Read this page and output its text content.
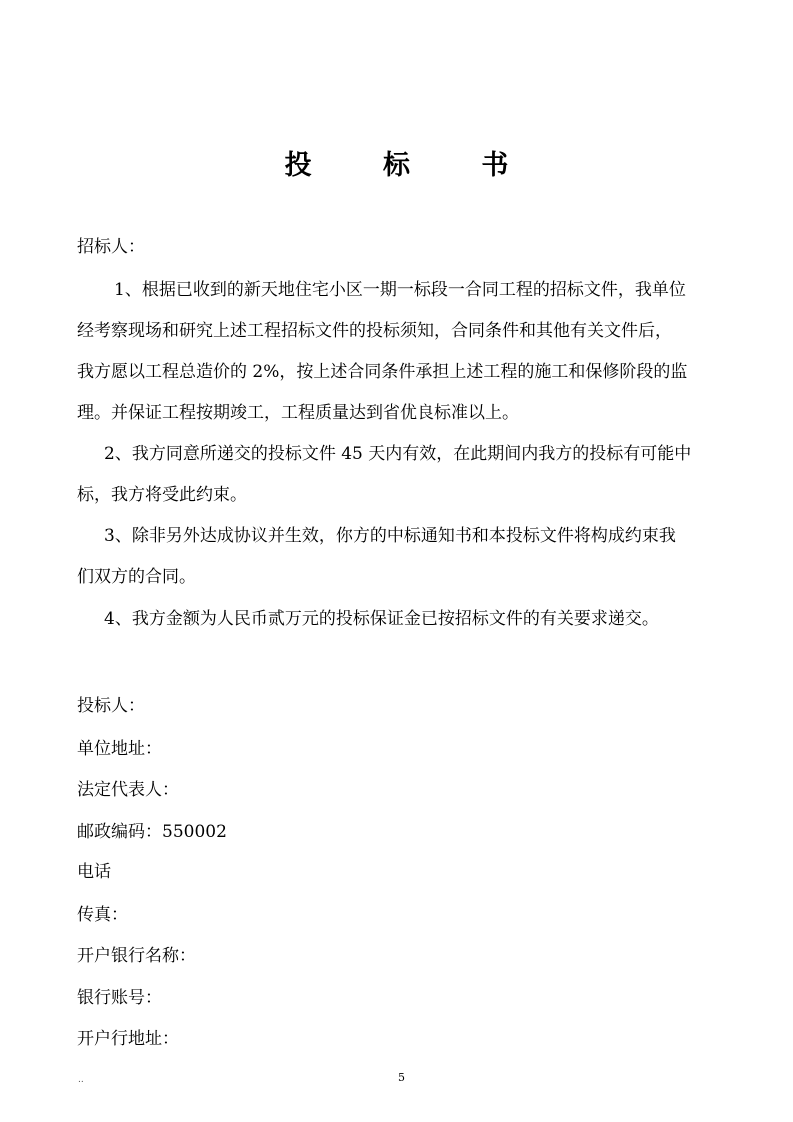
投 标 书
招标人：
1、根据已收到的新天地住宅小区一期一标段一合同工程的招标文件，我单位
经考察现场和研究上述工程招标文件的投标须知，合同条件和其他有关文件后，
我方愿以工程总造价的 2%，按上述合同条件承担上述工程的施工和保修阶段的监
理。并保证工程按期竣工，工程质量达到省优良标准以上。
2、我方同意所递交的投标文件 45 天内有效，在此期间内我方的投标有可能中
标，我方将受此约束。
3、除非另外达成协议并生效，你方的中标通知书和本投标文件将构成约束我
们双方的合同。
4、我方金额为人民币贰万元的投标保证金已按招标文件的有关要求递交。
投标人：
单位地址：
法定代表人：
邮政编码：550002
电话
传真：
开户银行名称：
银行账号：
开户行地址：
..	5
